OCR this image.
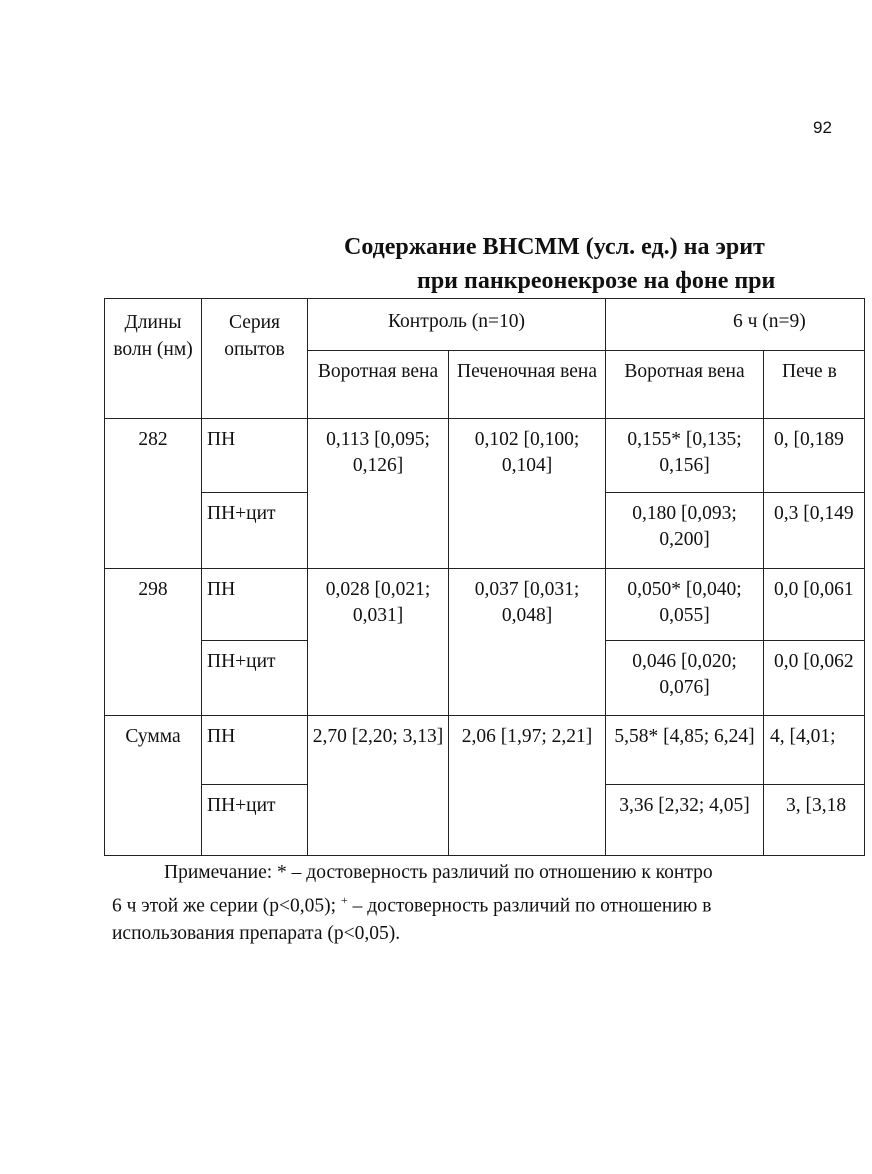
92
Содержание ВНСММ (усл. ед.) на эрит
при панкреонекрозе на фоне при
Длины волн (нм)	Серия опытов	Контроль (n=10)		6 ч (n=9)	
		Воротная вена	Печеночная вена	Воротная вена	Пече в
282	ПН	0,113 [0,095; 0,126]	0,102 [0,100; 0,104]	0,155* [0,135; 0,156]	0, [0,189
	ПН+цит			0,180 [0,093; 0,200]	0,3 [0,149
298	ПН	0,028 [0,021; 0,031]	0,037 [0,031; 0,048]	0,050* [0,040; 0,055]	0,0 [0,061
	ПН+цит			0,046 [0,020; 0,076]	0,0 [0,062
Сумма	ПН	2,70 [2,20; 3,13]	2,06 [1,97; 2,21]	5,58* [4,85; 6,24]	4, [4,01;
	ПН+цит			3,36 [2,32; 4,05]	3, [3,18
Примечание: * – достоверность различий по отношению к контро
6 ч этой же серии (р<0,05); + – достоверность различий по отношению в
использования препарата (р<0,05).
